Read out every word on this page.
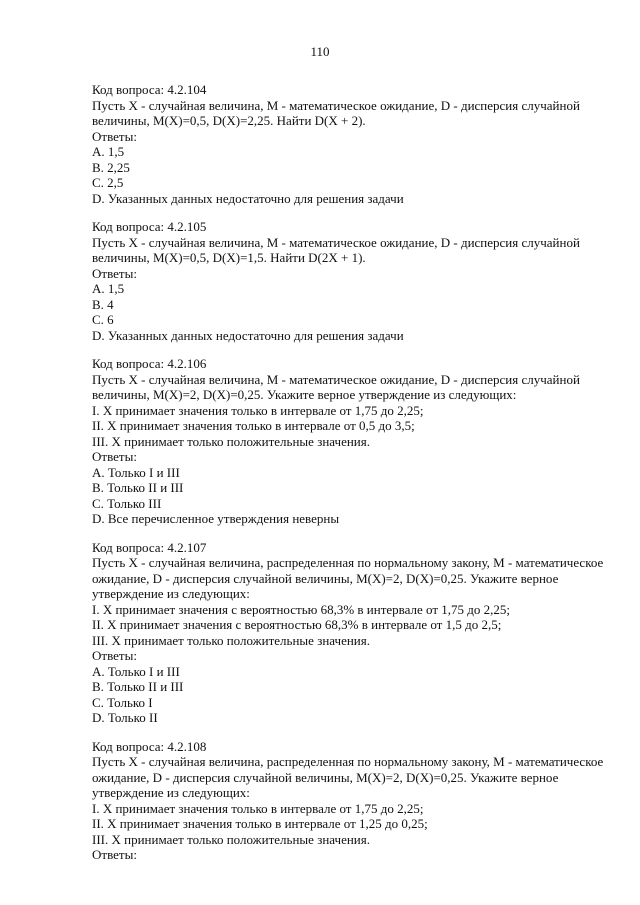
110
Код вопроса: 4.2.104
Пусть X - случайная величина, M - математическое ожидание, D - дисперсия случайной
величины, M(X)=0,5, D(X)=2,25. Найти D(X + 2).
Ответы:
A. 1,5
B. 2,25
C. 2,5
D. Указанных данных недостаточно для решения задачи
Код вопроса: 4.2.105
Пусть X - случайная величина, M - математическое ожидание, D - дисперсия случайной
величины, M(X)=0,5, D(X)=1,5. Найти D(2X + 1).
Ответы:
A. 1,5
B. 4
C. 6
D. Указанных данных недостаточно для решения задачи
Код вопроса: 4.2.106
Пусть X - случайная величина, M - математическое ожидание, D - дисперсия случайной
величины, M(X)=2, D(X)=0,25. Укажите верное утверждение из следующих:
I. X принимает значения только в интервале от 1,75 до 2,25;
II. X принимает значения только в интервале от 0,5 до 3,5;
III. X принимает только положительные значения.
Ответы:
A. Только I и III
B. Только II и III
C. Только III
D. Все перечисленное утверждения неверны
Код вопроса: 4.2.107
Пусть X - случайная величина, распределенная по нормальному закону, M - математическое
ожидание, D - дисперсия случайной величины, M(X)=2, D(X)=0,25. Укажите верное
утверждение из следующих:
I. X принимает значения с вероятностью 68,3% в интервале от 1,75 до 2,25;
II. X принимает значения с вероятностью 68,3% в интервале от 1,5 до 2,5;
III. X принимает только положительные значения.
Ответы:
A. Только I и III
B. Только II и III
C. Только I
D. Только II
Код вопроса: 4.2.108
Пусть X - случайная величина, распределенная по нормальному закону, M - математическое
ожидание, D - дисперсия случайной величины, M(X)=2, D(X)=0,25. Укажите верное
утверждение из следующих:
I. X принимает значения только в интервале от 1,75 до 2,25;
II. X принимает значения только в интервале от 1,25 до 0,25;
III. X принимает только положительные значения.
Ответы:
